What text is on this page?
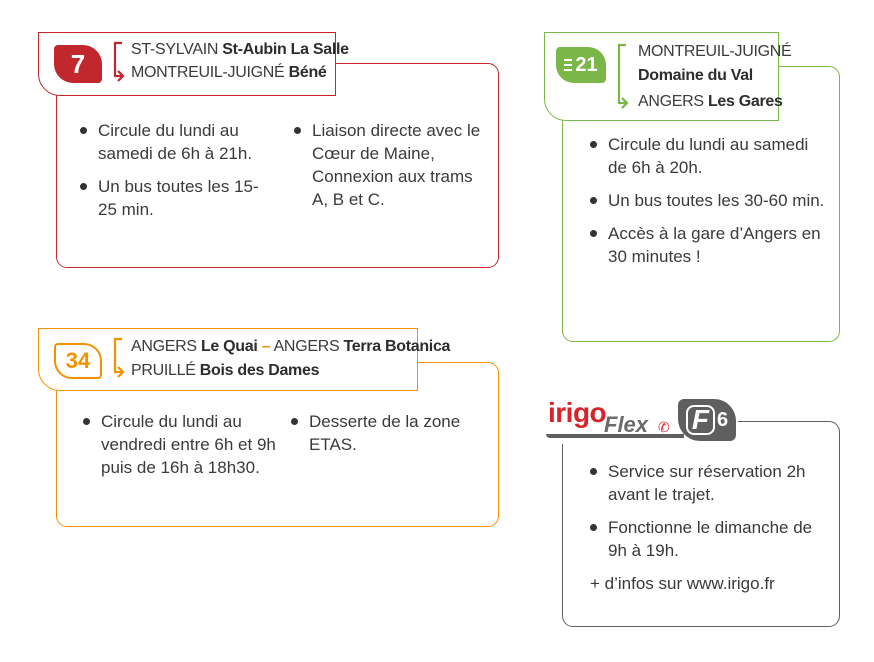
7	ST-SYLVAIN St-Aubin La Salle
MONTREUIL-JUIGNÉ Béné
Circule du lundi au samedi de 6h à 21h.
Un bus toutes les 15-25 min.
Liaison directe avec le Cœur de Maine, Connexion aux trams A, B et C.
21
MONTREUIL-JUIGNÉ
Domaine du Val
ANGERS Les Gares
Circule du lundi au samedi de 6h à 20h.
Un bus toutes les 30-60 min.
Accès à la gare d’Angers en 30 minutes !
34
ANGERS Le Quai – ANGERS Terra Botanica
PRUILLÉ Bois des Dames
Circule du lundi au vendredi entre 6h et 9h puis de 16h à 18h30.
Desserte de la zone ETAS.
irigo
Flex ✆ F 6
Service sur réservation 2h avant le trajet.
Fonctionne le dimanche de 9h à 19h.
+ d’infos sur www.irigo.fr
